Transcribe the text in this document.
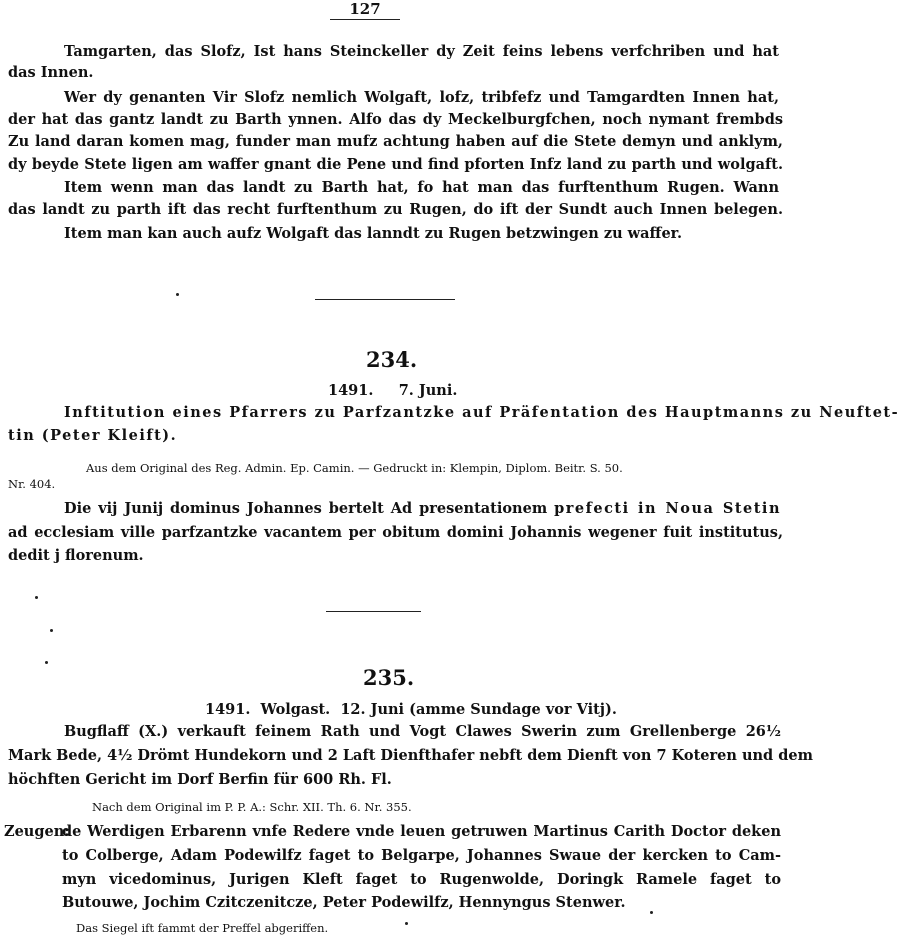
127
Tamgarten, das Slofz, Ist hans Steinckeller dy Zeit feins lebens verfchriben und hat
das Innen.
Wer dy genanten Vir Slofz nemlich Wolgaft, lofz, tribfefz und Tamgardten Innen hat,
der hat das gantz landt zu Barth ynnen. Alfo das dy Meckelburgfchen, noch nymant frembds
Zu land daran komen mag, funder man mufz achtung haben auf die Stete demyn und anklym,
dy beyde Stete ligen am waffer gnant die Pene und find pforten Infz land zu parth und wolgaft.
Item wenn man das landt zu Barth hat, fo hat man das furftenthum Rugen. Wann
das landt zu parth ift das recht furftenthum zu Rugen, do ift der Sundt auch Innen belegen.
Item man kan auch aufz Wolgaft das lanndt zu Rugen betzwingen zu waffer.
234.
1491. 7. Juni.
Inftitution eines Pfarrers zu Parfzantzke auf Präfentation des Hauptmanns zu Neuftet-
tin (Peter Kleift).
Aus dem Original des Reg. Admin. Ep. Camin. — Gedruckt in: Klempin, Diplom. Beitr. S. 50.
Nr. 404.
Die vij Junij dominus Johannes bertelt Ad presentationem prefecti in Noua Stetin
ad ecclesiam ville parfzantzke vacantem per obitum domini Johannis wegener fuit institutus,
dedit j florenum.
235.
1491.  Wolgast.  12. Juni (amme Sundage vor Vitj).
Bugflaff (X.) verkauft feinem Rath und Vogt Clawes Swerin zum Grellenberge 26½
Mark Bede, 4½ Drömt Hundekorn und 2 Laft Dienfthafer nebft dem Dienft von 7 Koteren und dem
höchften Gericht im Dorf Berfin für 600 Rh. Fl.
Nach dem Original im P. P. A.: Schr. XII. Th. 6. Nr. 355.
Zeugen:
de Werdigen Erbarenn vnfe Redere vnde leuen getruwen Martinus Carith Doctor deken
to Colberge, Adam Podewilfz faget to Belgarpe, Johannes Swaue der kercken to Cam-
myn vicedominus, Jurigen Kleft faget to Rugenwolde, Doringk Ramele faget to
Butouwe, Jochim Czitczenitcze, Peter Podewilfz, Hennyngus Stenwer.
Das Siegel ift fammt der Preffel abgeriffen.
